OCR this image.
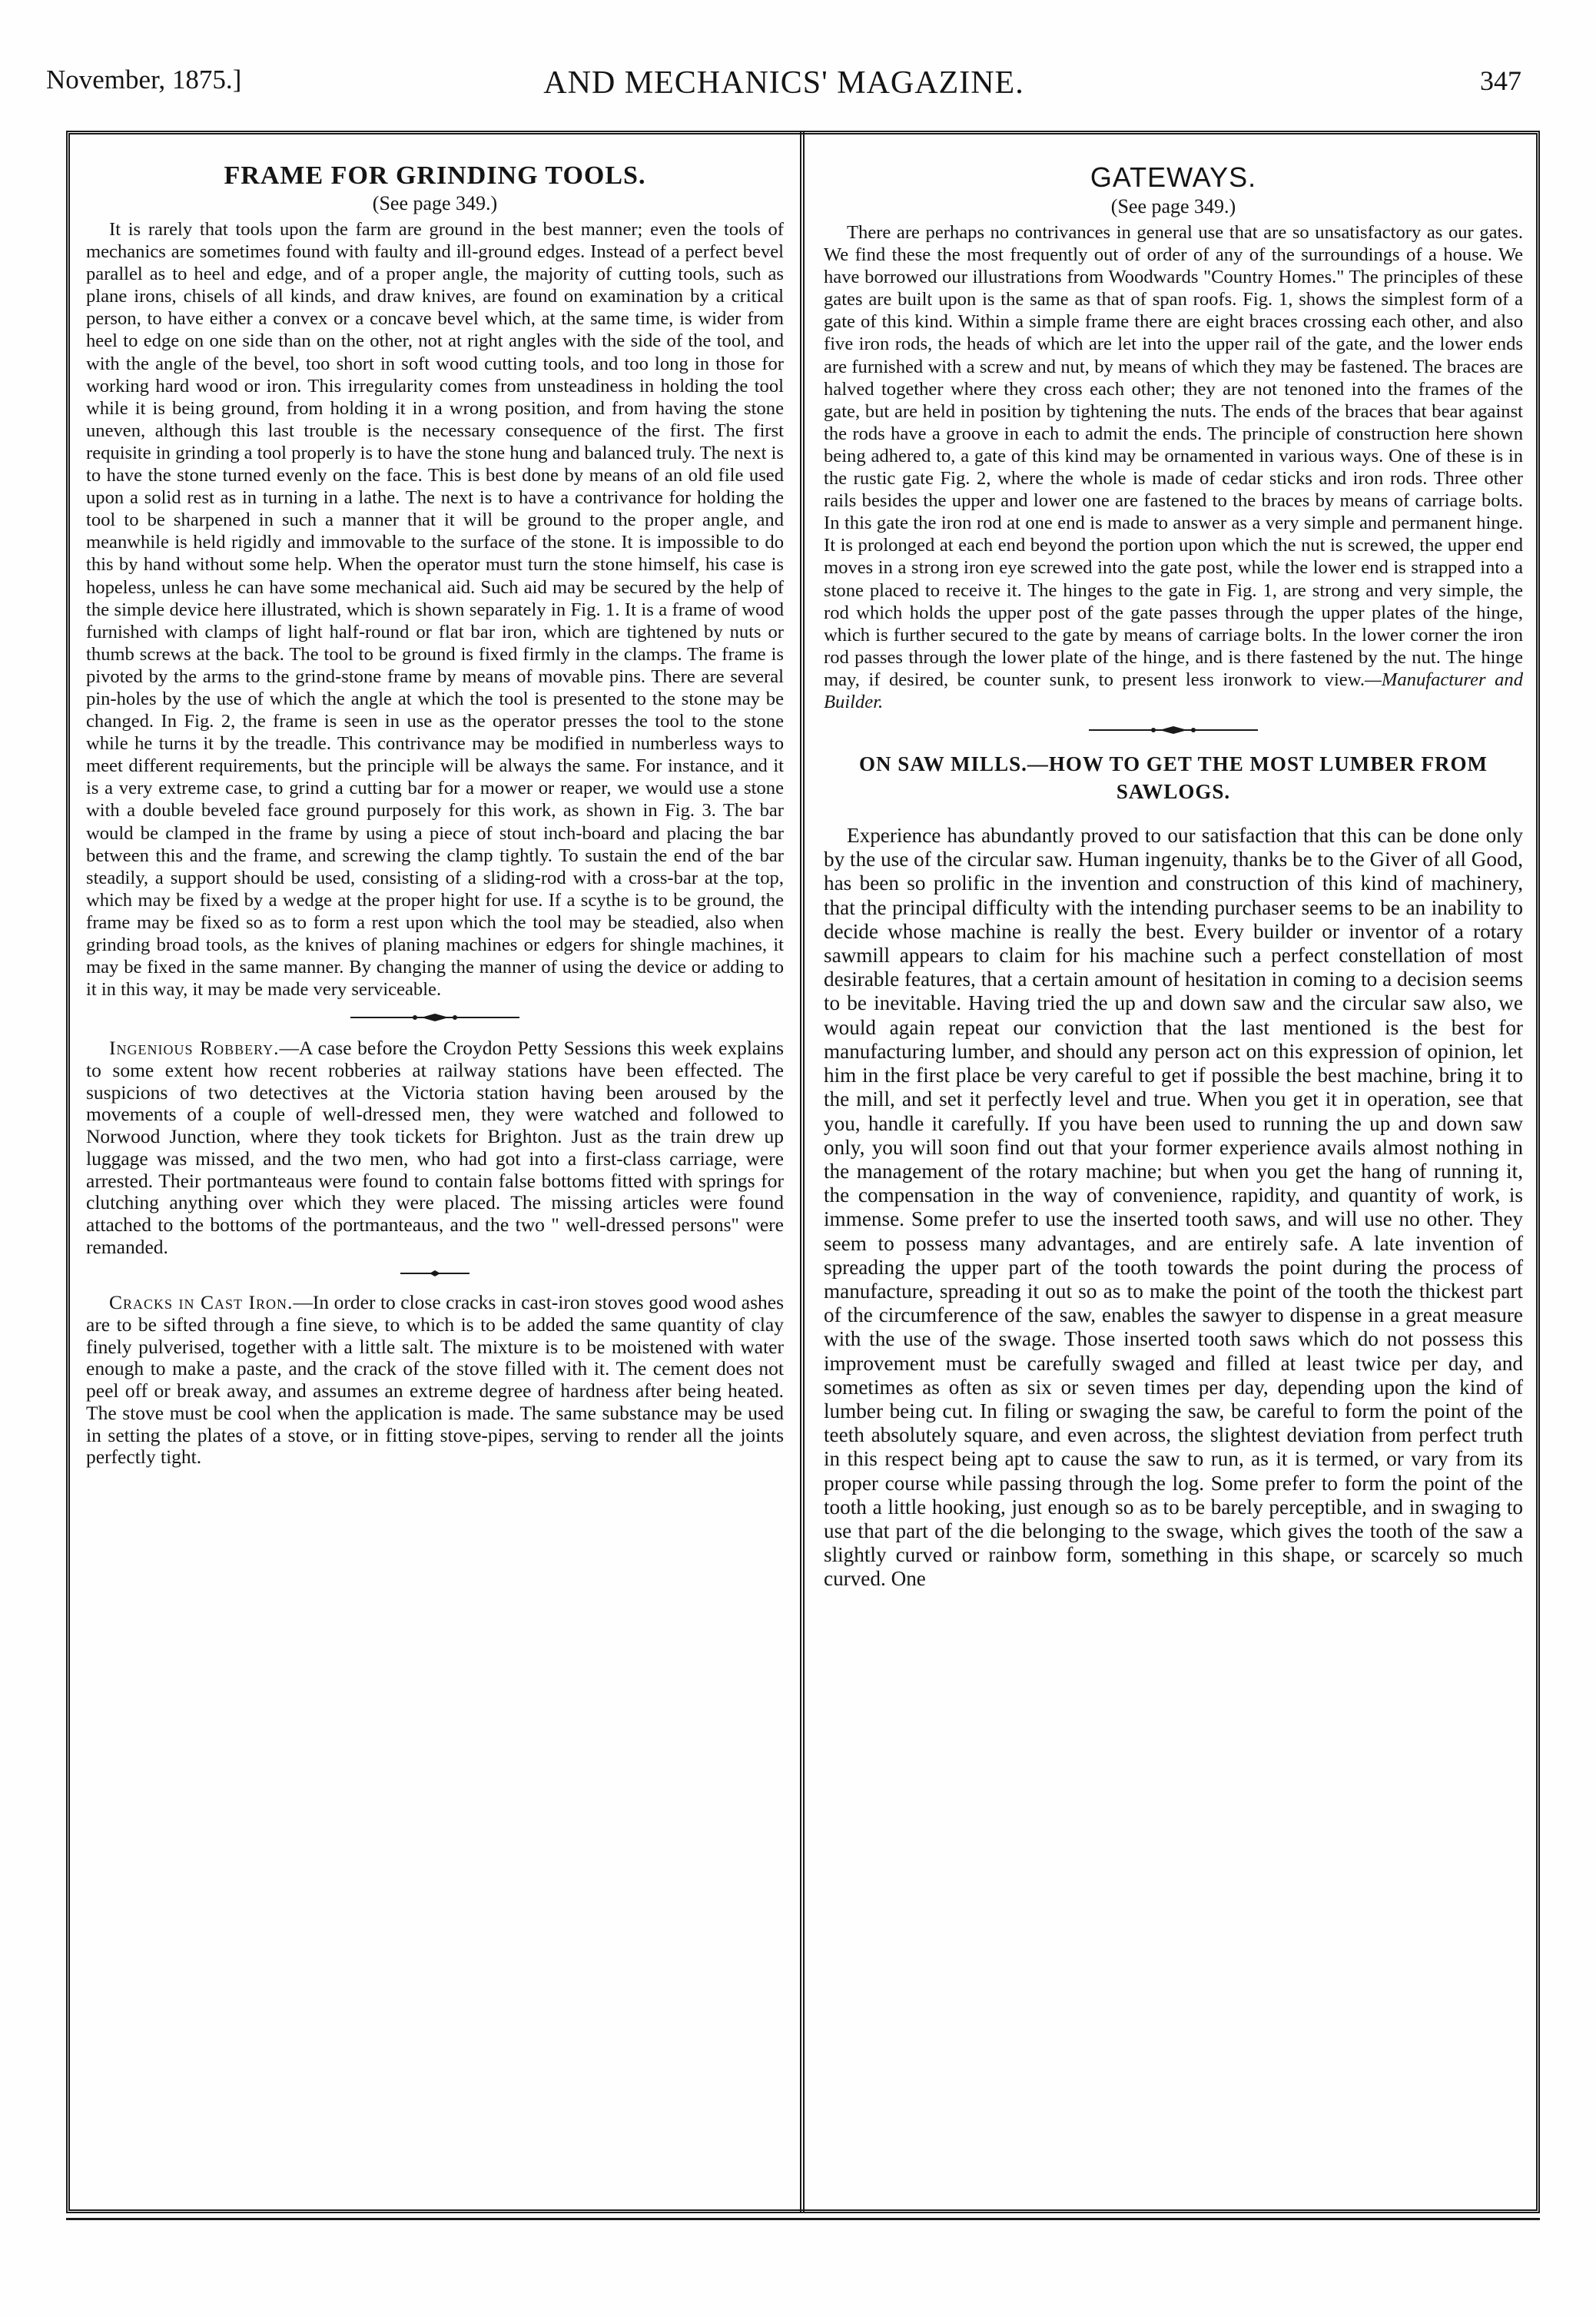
November, 1875.]	AND MECHANICS' MAGAZINE.	347
FRAME FOR GRINDING TOOLS.
(See page 349.)

It is rarely that tools upon the farm are ground in the best manner; even the tools of mechanics are sometimes found with faulty and ill-ground edges. Instead of a perfect bevel parallel as to heel and edge, and of a proper angle, the majority of cutting tools, such as plane irons, chisels of all kinds, and draw knives, are found on examination by a critical person, to have either a convex or a concave bevel which, at the same time, is wider from heel to edge on one side than on the other, not at right angles with the side of the tool, and with the angle of the bevel, too short in soft wood cutting tools, and too long in those for working hard wood or iron. This irregularity comes from unsteadiness in holding the tool while it is being ground, from holding it in a wrong position, and from having the stone uneven, although this last trouble is the necessary consequence of the first. The first requisite in grinding a tool properly is to have the stone hung and balanced truly. The next is to have the stone turned evenly on the face. This is best done by means of an old file used upon a solid rest as in turning in a lathe. The next is to have a contrivance for holding the tool to be sharpened in such a manner that it will be ground to the proper angle, and meanwhile is held rigidly and immovable to the surface of the stone. It is impossible to do this by hand without some help. When the operator must turn the stone himself, his case is hopeless, unless he can have some mechanical aid. Such aid may be secured by the help of the simple device here illustrated, which is shown separately in Fig. 1. It is a frame of wood furnished with clamps of light half-round or flat bar iron, which are tightened by nuts or thumb screws at the back. The tool to be ground is fixed firmly in the clamps. The frame is pivoted by the arms to the grind-stone frame by means of movable pins. There are several pin-holes by the use of which the angle at which the tool is presented to the stone may be changed. In Fig. 2, the frame is seen in use as the operator presses the tool to the stone while he turns it by the treadle. This contrivance may be modified in numberless ways to meet different requirements, but the principle will be always the same. For instance, and it is a very extreme case, to grind a cutting bar for a mower or reaper, we would use a stone with a double beveled face ground purposely for this work, as shown in Fig. 3. The bar would be clamped in the frame by using a piece of stout inch-board and placing the bar between this and the frame, and screwing the clamp tightly. To sustain the end of the bar steadily, a support should be used, consisting of a sliding-rod with a cross-bar at the top, which may be fixed by a wedge at the proper hight for use. If a scythe is to be ground, the frame may be fixed so as to form a rest upon which the tool may be steadied, also when grinding broad tools, as the knives of planing machines or edgers for shingle machines, it may be fixed in the same manner. By changing the manner of using the device or adding to it in this way, it may be made very serviceable.

Ingenious Robbery.—A case before the Croydon Petty Sessions this week explains to some extent how recent robberies at railway stations have been effected. The suspicions of two detectives at the Victoria station having been aroused by the movements of a couple of well-dressed men, they were watched and followed to Norwood Junction, where they took tickets for Brighton. Just as the train drew up luggage was missed, and the two men, who had got into a first-class carriage, were arrested. Their portmanteaus were found to contain false bottoms fitted with springs for clutching anything over which they were placed. The missing articles were found attached to the bottoms of the portmanteaus, and the two " well-dressed persons" were remanded.

Cracks in Cast Iron.—In order to close cracks in cast-iron stoves good wood ashes are to be sifted through a fine sieve, to which is to be added the same quantity of clay finely pulverised, together with a little salt. The mixture is to be moistened with water enough to make a paste, and the crack of the stove filled with it. The cement does not peel off or break away, and assumes an extreme degree of hardness after being heated. The stove must be cool when the application is made. The same substance may be used in setting the plates of a stove, or in fitting stove-pipes, serving to render all the joints perfectly tight.

GATEWAYS.
(See page 349.)

There are perhaps no contrivances in general use that are so unsatisfactory as our gates. We find these the most frequently out of order of any of the surroundings of a house. We have borrowed our illustrations from Woodwards "Country Homes." The principles of these gates are built upon is the same as that of span roofs. Fig. 1, shows the simplest form of a gate of this kind. Within a simple frame there are eight braces crossing each other, and also five iron rods, the heads of which are let into the upper rail of the gate, and the lower ends are furnished with a screw and nut, by means of which they may be fastened. The braces are halved together where they cross each other; they are not tenoned into the frames of the gate, but are held in position by tightening the nuts. The ends of the braces that bear against the rods have a groove in each to admit the ends. The principle of construction here shown being adhered to, a gate of this kind may be ornamented in various ways. One of these is in the rustic gate Fig. 2, where the whole is made of cedar sticks and iron rods. Three other rails besides the upper and lower one are fastened to the braces by means of carriage bolts. In this gate the iron rod at one end is made to answer as a very simple and permanent hinge. It is prolonged at each end beyond the portion upon which the nut is screwed, the upper end moves in a strong iron eye screwed into the gate post, while the lower end is strapped into a stone placed to receive it. The hinges to the gate in Fig. 1, are strong and very simple, the rod which holds the upper post of the gate passes through the upper plates of the hinge, which is further secured to the gate by means of carriage bolts. In the lower corner the iron rod passes through the lower plate of the hinge, and is there fastened by the nut. The hinge may, if desired, be counter sunk, to present less ironwork to view.—Manufacturer and Builder.

ON SAW MILLS.—HOW TO GET THE MOST LUMBER FROM SAWLOGS.

Experience has abundantly proved to our satisfaction that this can be done only by the use of the circular saw. Human ingenuity, thanks be to the Giver of all Good, has been so prolific in the invention and construction of this kind of machinery, that the principal difficulty with the intending purchaser seems to be an inability to decide whose machine is really the best. Every builder or inventor of a rotary sawmill appears to claim for his machine such a perfect constellation of most desirable features, that a certain amount of hesitation in coming to a decision seems to be inevitable. Having tried the up and down saw and the circular saw also, we would again repeat our conviction that the last mentioned is the best for manufacturing lumber, and should any person act on this expression of opinion, let him in the first place be very careful to get if possible the best machine, bring it to the mill, and set it perfectly level and true. When you get it in operation, see that you, handle it carefully. If you have been used to running the up and down saw only, you will soon find out that your former experience avails almost nothing in the management of the rotary machine; but when you get the hang of running it, the compensation in the way of convenience, rapidity, and quantity of work, is immense. Some prefer to use the inserted tooth saws, and will use no other. They seem to possess many advantages, and are entirely safe. A late invention of spreading the upper part of the tooth towards the point during the process of manufacture, spreading it out so as to make the point of the tooth the thickest part of the circumference of the saw, enables the sawyer to dispense in a great measure with the use of the swage. Those inserted tooth saws which do not possess this improvement must be carefully swaged and filled at least twice per day, and sometimes as often as six or seven times per day, depending upon the kind of lumber being cut. In filing or swaging the saw, be careful to form the point of the teeth absolutely square, and even across, the slightest deviation from perfect truth in this respect being apt to cause the saw to run, as it is termed, or vary from its proper course while passing through the log. Some prefer to form the point of the tooth a little hooking, just enough so as to be barely perceptible, and in swaging to use that part of the die belonging to the swage, which gives the tooth of the saw a slightly curved or rainbow form, something in this shape, or scarcely so much curved. One
